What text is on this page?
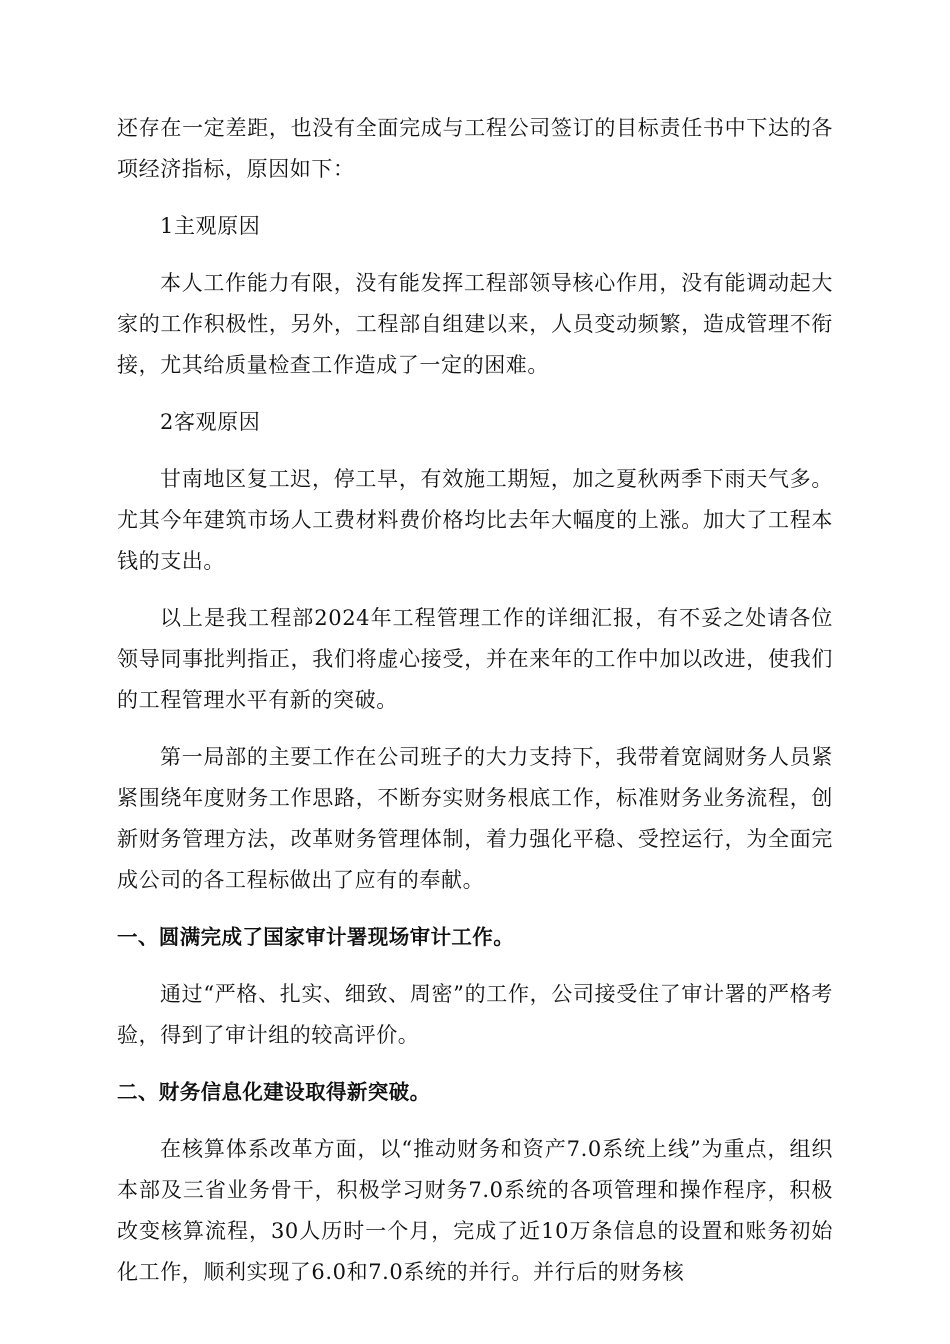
还存在一定差距，也没有全面完成与工程公司签订的目标责任书中下达的各项经济指标，原因如下：

1主观原因

本人工作能力有限，没有能发挥工程部领导核心作用，没有能调动起大家的工作积极性，另外，工程部自组建以来，人员变动频繁，造成管理不衔接，尤其给质量检查工作造成了一定的困难。

2客观原因

甘南地区复工迟，停工早，有效施工期短，加之夏秋两季下雨天气多。尤其今年建筑市场人工费材料费价格均比去年大幅度的上涨。加大了工程本钱的支出。

以上是我工程部2024年工程管理工作的详细汇报，有不妥之处请各位领导同事批判指正，我们将虚心接受，并在来年的工作中加以改进，使我们的工程管理水平有新的突破。

第一局部的主要工作在公司班子的大力支持下，我带着宽阔财务人员紧紧围绕年度财务工作思路，不断夯实财务根底工作，标准财务业务流程，创新财务管理方法，改革财务管理体制，着力强化平稳、受控运行，为全面完成公司的各工程标做出了应有的奉献。

一、圆满完成了国家审计署现场审计工作。

通过“严格、扎实、细致、周密”的工作，公司接受住了审计署的严格考验，得到了审计组的较高评价。

二、财务信息化建设取得新突破。

在核算体系改革方面，以“推动财务和资产7.0系统上线”为重点，组织本部及三省业务骨干，积极学习财务7.0系统的各项管理和操作程序，积极改变核算流程，30人历时一个月，完成了近10万条信息的设置和账务初始化工作，顺利实现了6.0和7.0系统的并行。并行后的财务核
